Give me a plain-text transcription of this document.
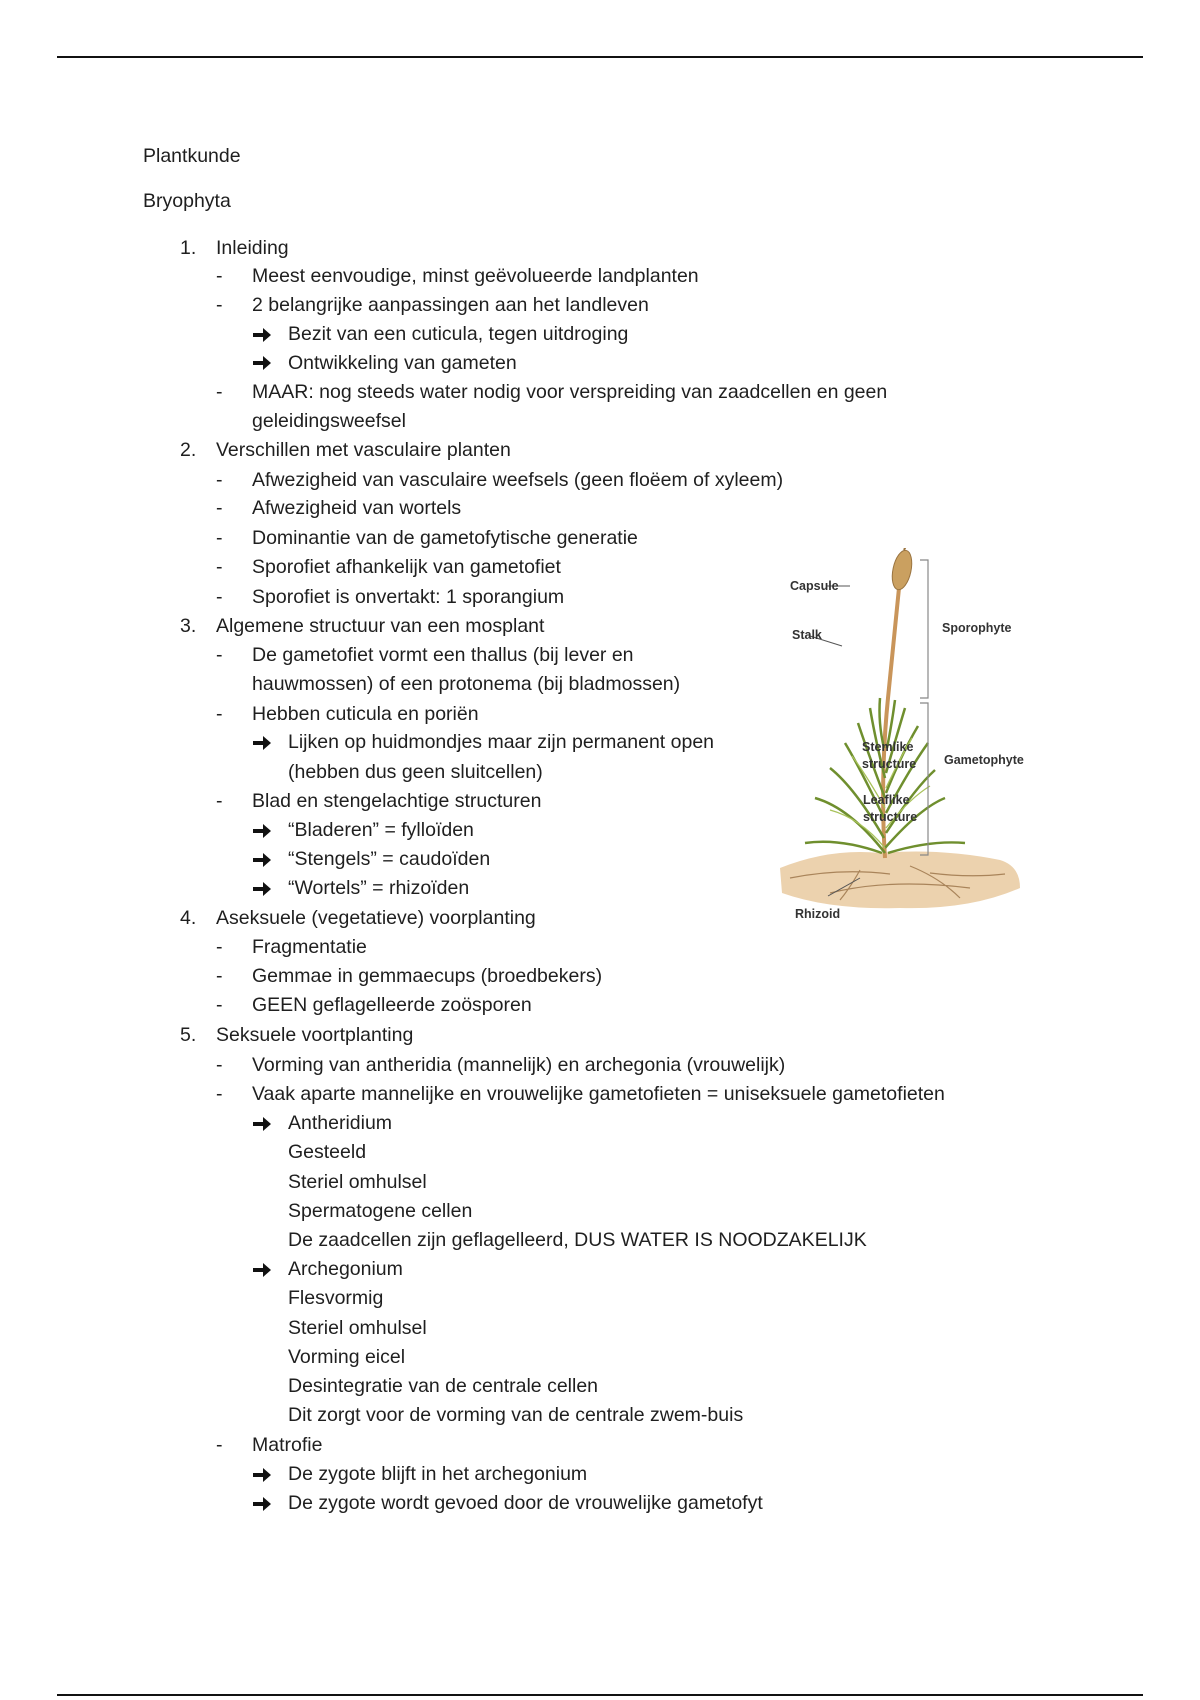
Plantkunde
Bryophyta
1. Inleiding
- Meest eenvoudige, minst geëvolueerde landplanten
- 2 belangrijke aanpassingen aan het landleven
Bezit van een cuticula, tegen uitdroging
Ontwikkeling van gameten
- MAAR: nog steeds water nodig voor verspreiding van zaadcellen en geen
geleidingsweefsel
2. Verschillen met vasculaire planten
- Afwezigheid van vasculaire weefsels (geen floëem of xyleem)
- Afwezigheid van wortels
- Dominantie van de gametofytische generatie
- Sporofiet afhankelijk van gametofiet
- Sporofiet is onvertakt: 1 sporangium
3. Algemene structuur van een mosplant
- De gametofiet vormt een thallus (bij lever en
hauwmossen) of een protonema (bij bladmossen)
- Hebben cuticula en poriën
Lijken op huidmondjes maar zijn permanent open
(hebben dus geen sluitcellen)
- Blad en stengelachtige structuren
“Bladeren” = fylloïden
“Stengels” = caudoïden
“Wortels” = rhizoïden
4. Aseksuele (vegetatieve) voorplanting
- Fragmentatie
- Gemmae in gemmaecups (broedbekers)
- GEEN geflagelleerde zoösporen
5. Seksuele voortplanting
- Vorming van antheridia (mannelijk) en archegonia (vrouwelijk)
- Vaak aparte mannelijke en vrouwelijke gametofieten = uniseksuele gametofieten
Antheridium
Gesteeld
Steriel omhulsel
Spermatogene cellen
De zaadcellen zijn geflagelleerd, DUS WATER IS NOODZAKELIJK
Archegonium
Flesvormig
Steriel omhulsel
Vorming eicel
Desintegratie van de centrale cellen
Dit zorgt voor de vorming van de centrale zwem-buis
- Matrofie
De zygote blijft in het archegonium
De zygote wordt gevoed door de vrouwelijke gametofyt
Capsule
Stalk	Sporophyte
Stemlike
structure Gametophyte
Leaflike
structure
Rhizoid
